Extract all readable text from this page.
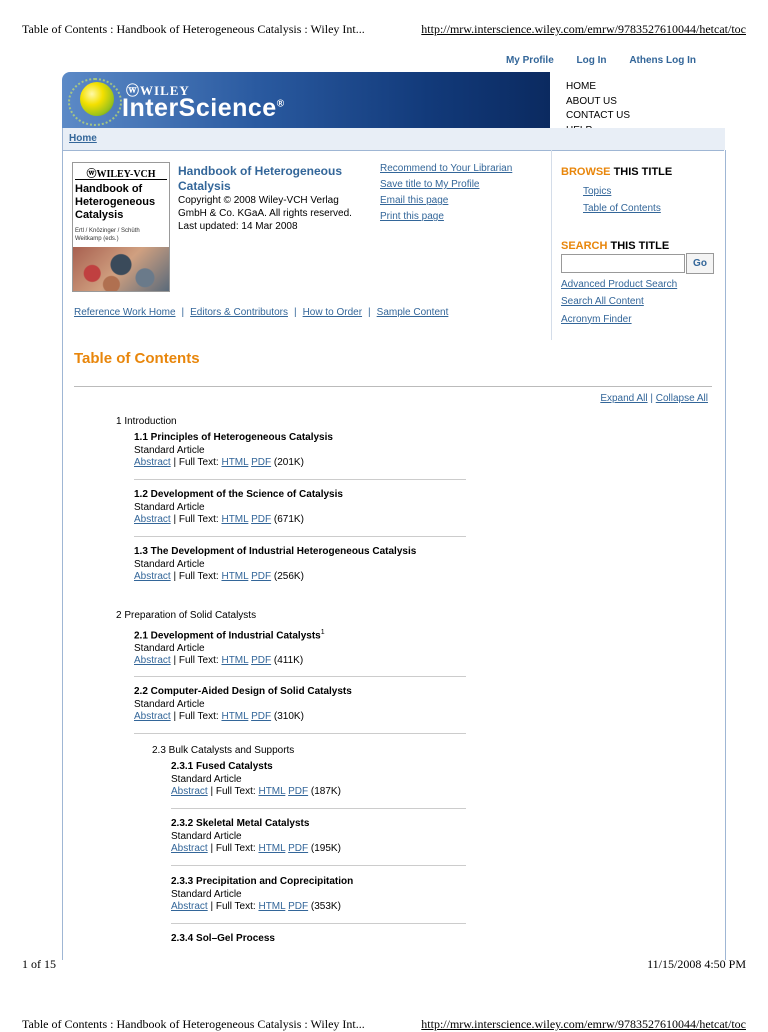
Table of Contents : Handbook of Heterogeneous Catalysis : Wiley Int...	http://mrw.interscience.wiley.com/emrw/9783527610044/hetcat/toc
My Profile Log In Athens Log In
ⓦWILEY
InterScience®
HOME
ABOUT US
CONTACT US
Home
ⓦWILEY-VCH
Handbook of
Heterogeneous
Catalysis
Ertl / Knözinger / Schüth
Weitkamp (eds.)
Handbook of Heterogeneous Catalysis
Copyright © 2008 Wiley-VCH Verlag GmbH & Co. KGaA. All rights reserved.
Last updated: 14 Mar 2008
Recommend to Your Librarian
Save title to My Profile
Email this page
Print this page
BROWSE THIS TITLE
Topics
Table of Contents
SEARCH THIS TITLE
Go
Advanced Product Search
Search All Content
Acronym Finder
Reference Work Home | Editors & Contributors | How to Order | Sample Content
Table of Contents
Expand All | Collapse All
1 Introduction
2 Preparation of Solid Catalysts
2.3 Bulk Catalysts and Supports
1.1 Principles of Heterogeneous Catalysis
Standard Article
Abstract | Full Text: HTML PDF (201K)
1.2 Development of the Science of Catalysis
Standard Article
Abstract | Full Text: HTML PDF (671K)
1.3 The Development of Industrial Heterogeneous Catalysis
Standard Article
Abstract | Full Text: HTML PDF (256K)
2.1 Development of Industrial Catalysts$^1$
Standard Article
Abstract | Full Text: HTML PDF (411K)
2.2 Computer-Aided Design of Solid Catalysts
Standard Article
Abstract | Full Text: HTML PDF (310K)
2.3.1 Fused Catalysts
Standard Article
Abstract | Full Text: HTML PDF (187K)
2.3.2 Skeletal Metal Catalysts
Standard Article
Abstract | Full Text: HTML PDF (195K)
2.3.3 Precipitation and Coprecipitation
Standard Article
Abstract | Full Text: HTML PDF (353K)
2.3.4 Sol–Gel Process
1 of 15	11/15/2008 4:50 PM
Table of Contents : Handbook of Heterogeneous Catalysis : Wiley Int...	http://mrw.interscience.wiley.com/emrw/9783527610044/hetcat/toc
